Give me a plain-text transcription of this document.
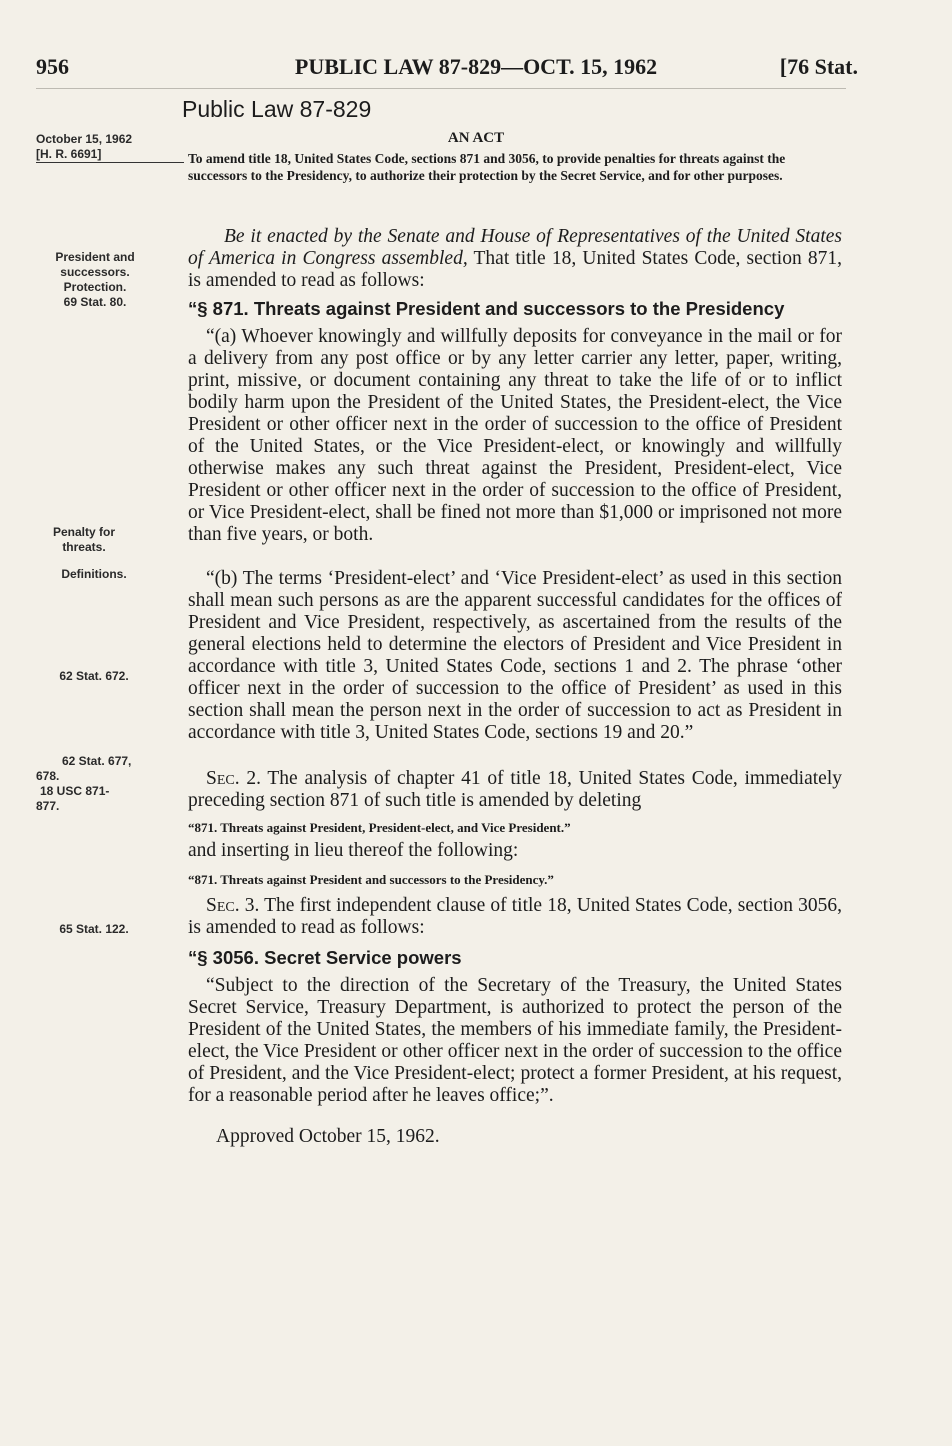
956	PUBLIC LAW 87-829—OCT. 15, 1962	[76 Stat.
Public Law 87-829
AN ACT
October 15, 1962
[H. R. 6691]
President and
successors.
Protection.
69 Stat. 80.
Penalty for
threats.
Definitions.
62 Stat. 672.
62 Stat. 677,
678.
18 USC 871-
877.
65 Stat. 122.
To amend title 18, United States Code, sections 871 and 3056, to provide penalties for threats against the successors to the Presidency, to authorize their protection by the Secret Service, and for other purposes.

Be it enacted by the Senate and House of Representatives of the United States of America in Congress assembled, That title 18, United States Code, section 871, is amended to read as follows:

“§ 871. Threats against President and successors to the Presidency

“(a) Whoever knowingly and willfully deposits for conveyance in the mail or for a delivery from any post office or by any letter carrier any letter, paper, writing, print, missive, or document containing any threat to take the life of or to inflict bodily harm upon the President of the United States, the President-elect, the Vice President or other officer next in the order of succession to the office of President of the United States, or the Vice President-elect, or knowingly and willfully otherwise makes any such threat against the President, President-elect, Vice President or other officer next in the order of succession to the office of President, or Vice President-elect, shall be fined not more than $1,000 or imprisoned not more than five years, or both.

“(b) The terms ‘President-elect’ and ‘Vice President-elect’ as used in this section shall mean such persons as are the apparent successful candidates for the offices of President and Vice President, respectively, as ascertained from the results of the general elections held to determine the electors of President and Vice President in accordance with title 3, United States Code, sections 1 and 2. The phrase ‘other officer next in the order of succession to the office of President’ as used in this section shall mean the person next in the order of succession to act as President in accordance with title 3, United States Code, sections 19 and 20.”

Sec. 2. The analysis of chapter 41 of title 18, United States Code, immediately preceding section 871 of such title is amended by deleting

“871. Threats against President, President-elect, and Vice President.”

and inserting in lieu thereof the following:

“871. Threats against President and successors to the Presidency.”

Sec. 3. The first independent clause of title 18, United States Code, section 3056, is amended to read as follows:

“§ 3056. Secret Service powers

“Subject to the direction of the Secretary of the Treasury, the United States Secret Service, Treasury Department, is authorized to protect the person of the President of the United States, the members of his immediate family, the President-elect, the Vice President or other officer next in the order of succession to the office of President, and the Vice President-elect; protect a former President, at his request, for a reasonable period after he leaves office;”.

Approved October 15, 1962.
